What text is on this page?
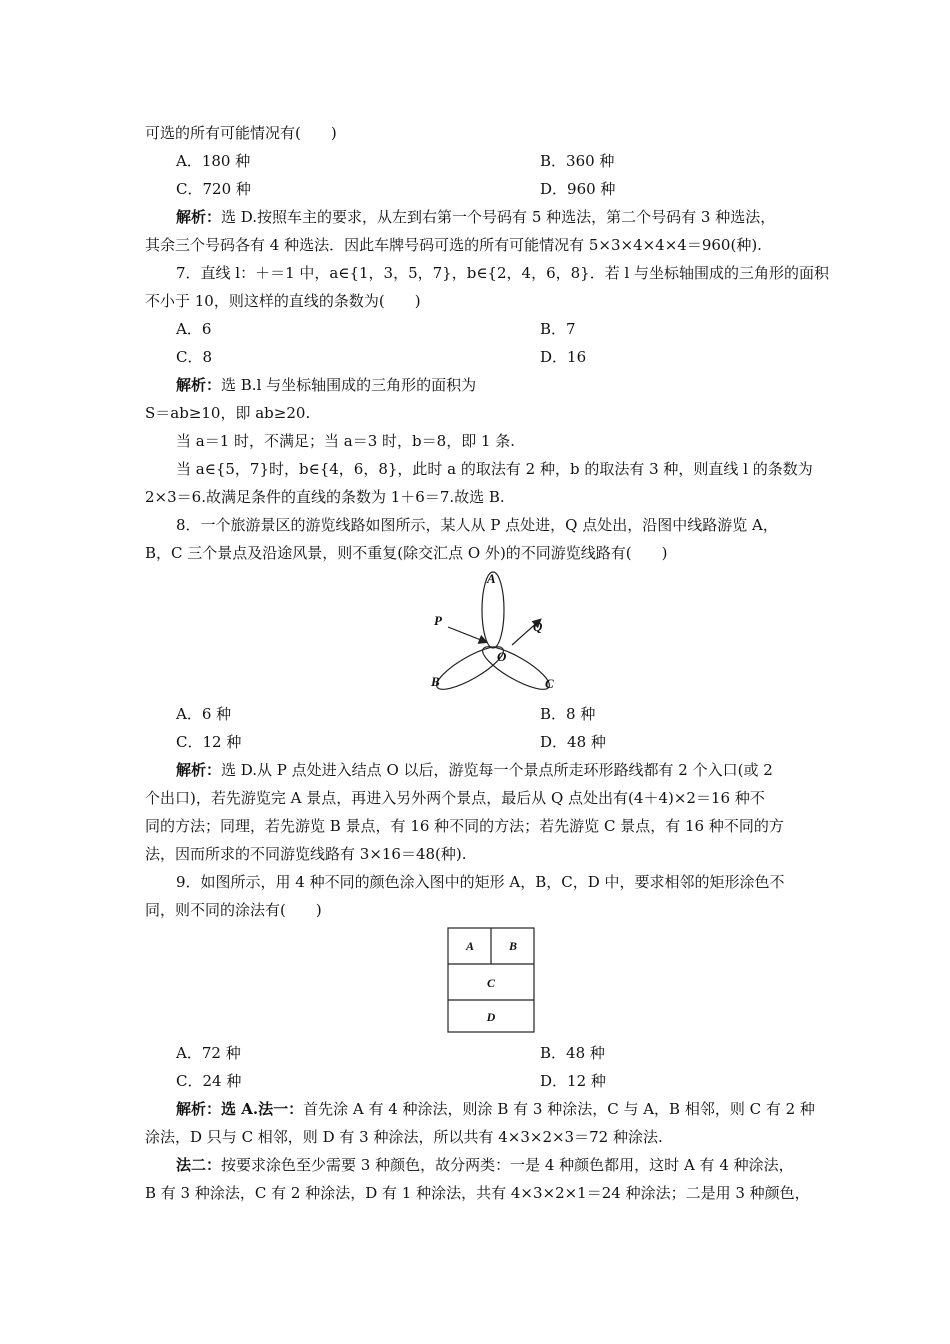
可选的所有可能情况有(　　)
A．180 种	B．360 种
C．720 种	D．960 种
解析：选 D.按照车主的要求，从左到右第一个号码有 5 种选法，第二个号码有 3 种选法，
其余三个号码各有 4 种选法．因此车牌号码可选的所有可能情况有 5×3×4×4×4＝960(种).
7．直线 l：＋＝1 中，a∈{1，3，5，7}，b∈{2，4，6，8}．若 l 与坐标轴围成的三角形的面积
不小于 10，则这样的直线的条数为(　　)
A．6	B．7
C．8	D．16
解析：选 B.l 与坐标轴围成的三角形的面积为
S＝ab≥10，即 ab≥20.
当 a＝1 时，不满足；当 a＝3 时，b＝8，即 1 条.
当 a∈{5，7}时，b∈{4，6，8}，此时 a 的取法有 2 种，b 的取法有 3 种，则直线 l 的条数为
2×3＝6.故满足条件的直线的条数为 1＋6＝7.故选 B.
8．一个旅游景区的游览线路如图所示，某人从 P 点处进，Q 点处出，沿图中线路游览 A，
B，C 三个景点及沿途风景，则不重复(除交汇点 O 外)的不同游览线路有(　　)
A
P	Q
O
B	C
A．6 种	B．8 种
C．12 种	D．48 种
解析：选 D.从 P 点处进入结点 O 以后，游览每一个景点所走环形路线都有 2 个入口(或 2
个出口)，若先游览完 A 景点，再进入另外两个景点，最后从 Q 点处出有(4＋4)×2＝16 种不
同的方法；同理，若先游览 B 景点，有 16 种不同的方法；若先游览 C 景点，有 16 种不同的方
法，因而所求的不同游览线路有 3×16＝48(种).
9．如图所示，用 4 种不同的颜色涂入图中的矩形 A，B，C，D 中，要求相邻的矩形涂色不
同，则不同的涂法有(　　)
A	B
C
D
A．72 种	B．48 种
C．24 种	D．12 种
解析：选 A.法一：首先涂 A 有 4 种涂法，则涂 B 有 3 种涂法，C 与 A，B 相邻，则 C 有 2 种
涂法，D 只与 C 相邻，则 D 有 3 种涂法，所以共有 4×3×2×3＝72 种涂法.
法二：按要求涂色至少需要 3 种颜色，故分两类：一是 4 种颜色都用，这时 A 有 4 种涂法，
B 有 3 种涂法，C 有 2 种涂法，D 有 1 种涂法，共有 4×3×2×1＝24 种涂法；二是用 3 种颜色，
